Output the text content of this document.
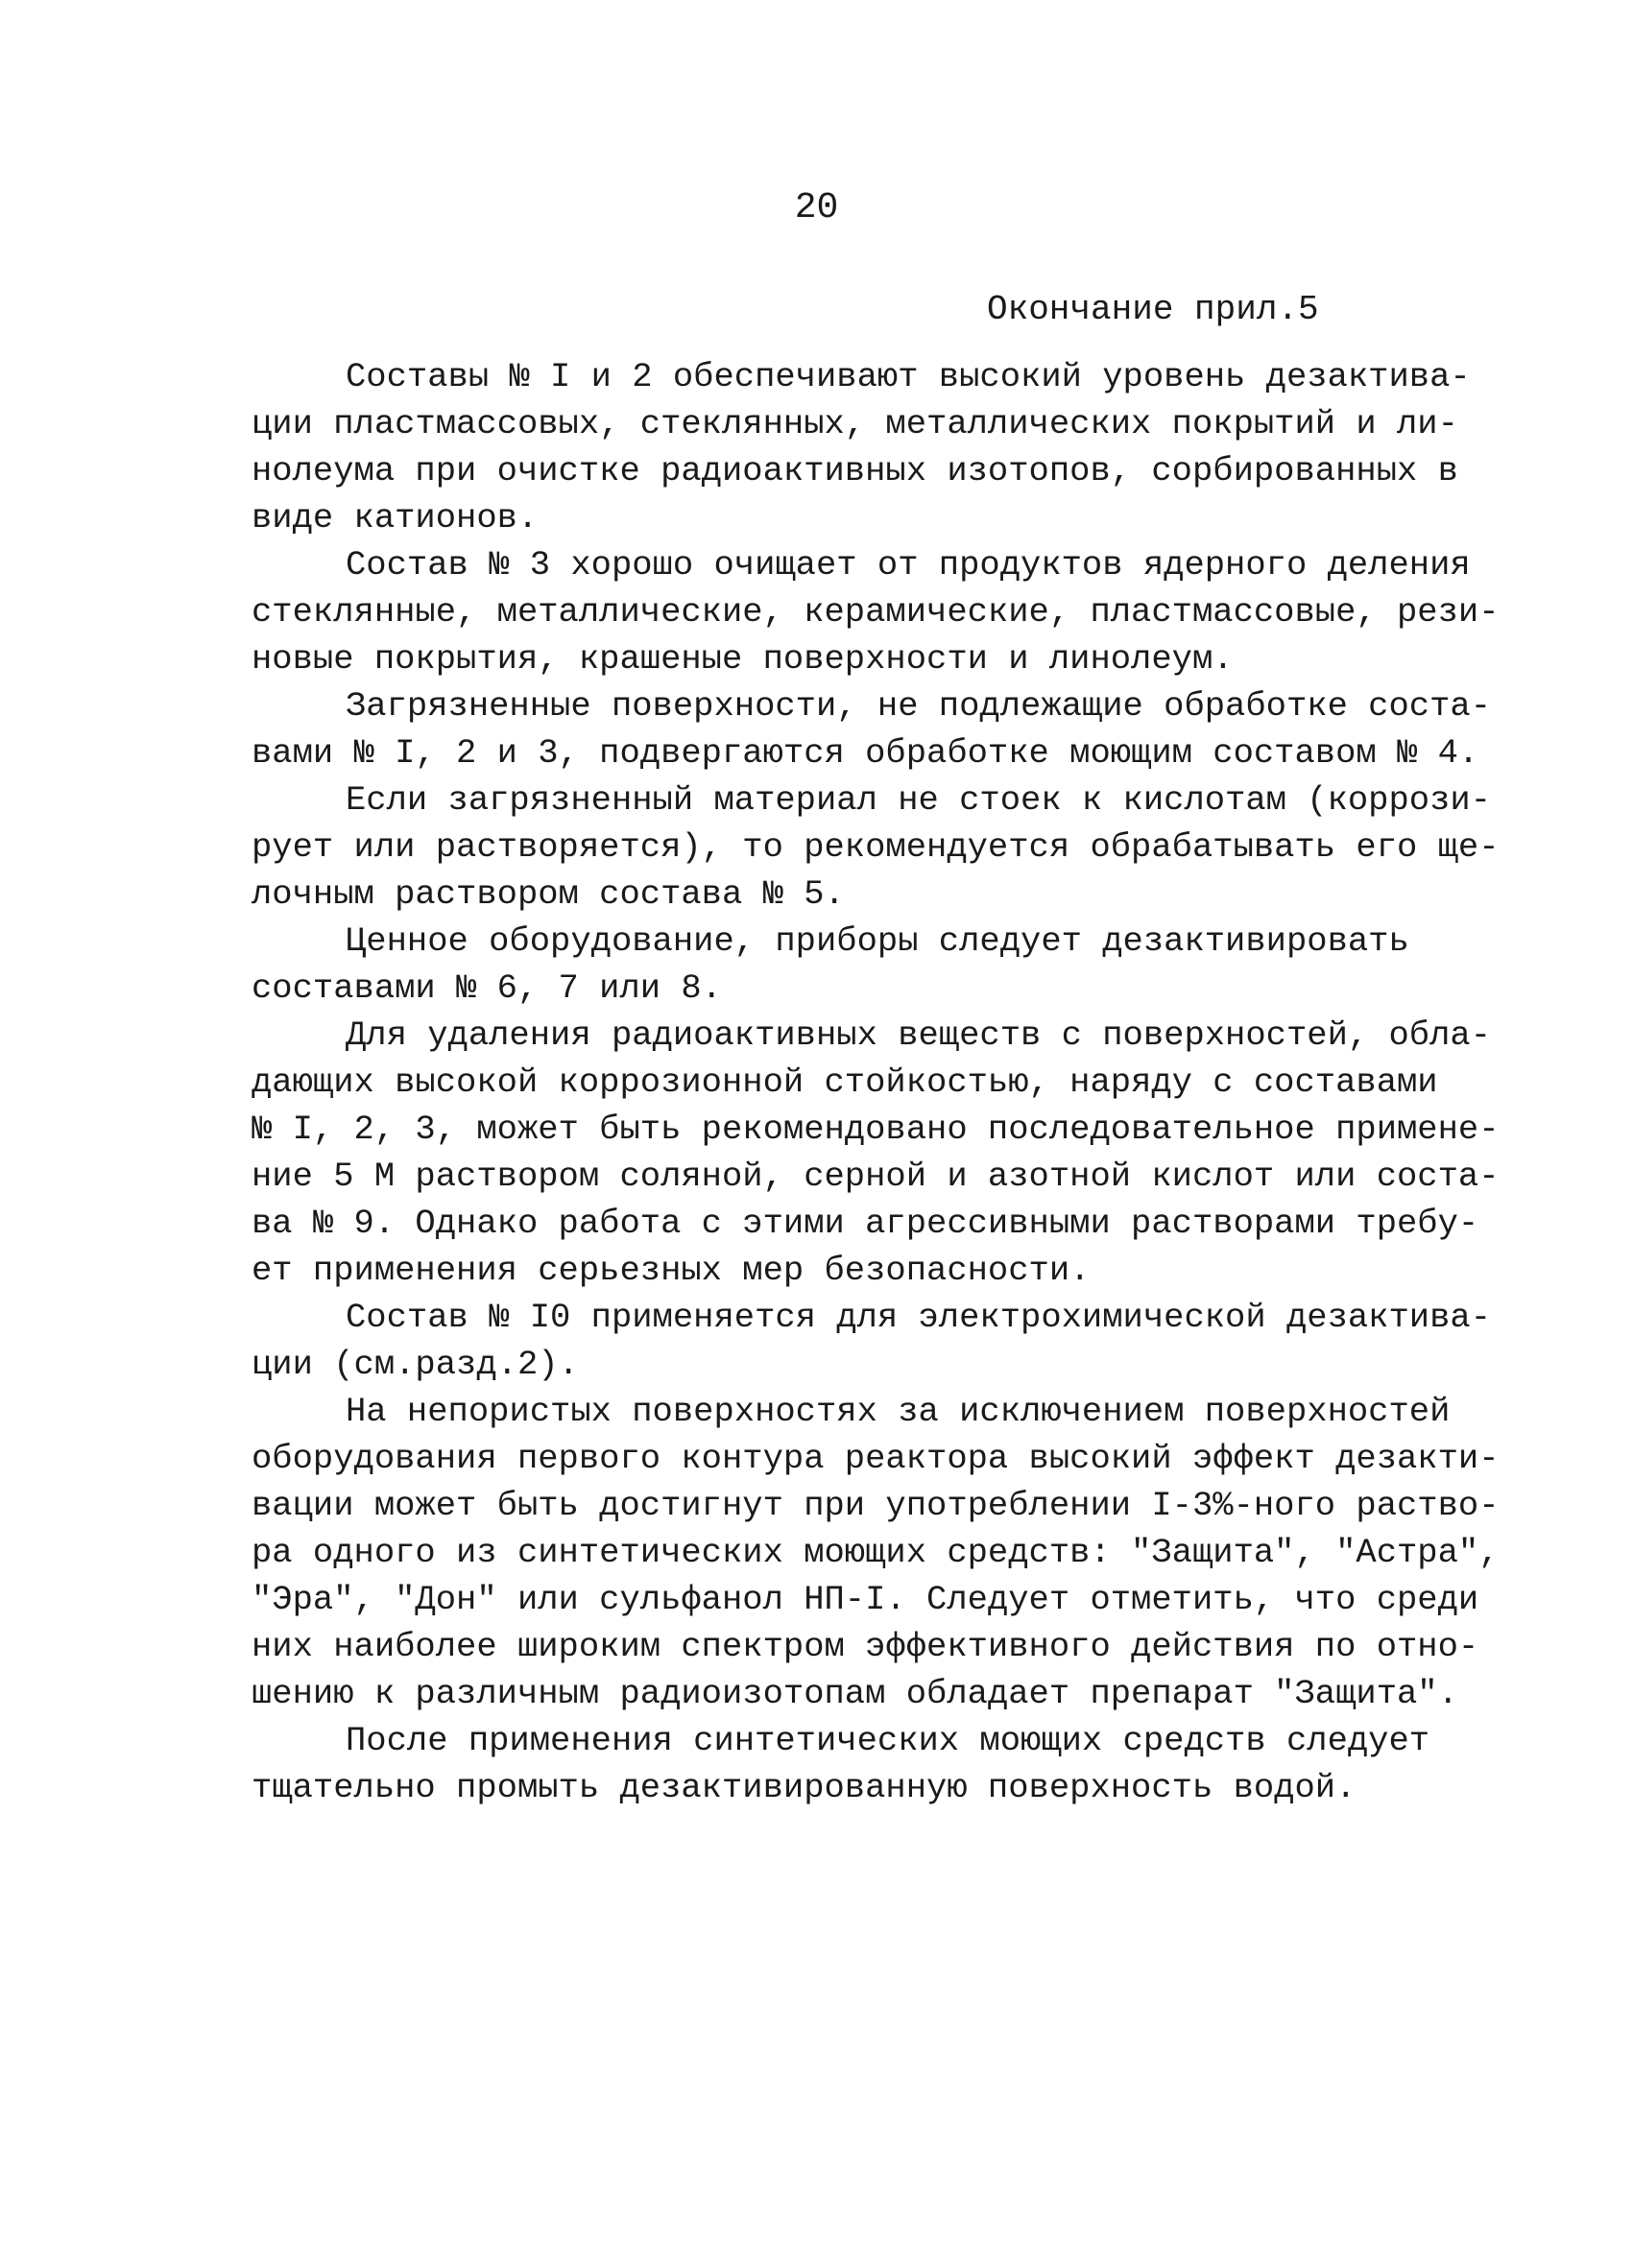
20
Окончание прил.5
Составы № I и 2 обеспечивают высокий уровень дезактива-
ции пластмассовых, стеклянных, металлических покрытий и ли-
нолеума при очистке радиоактивных изотопов, сорбированных в
виде катионов.
Состав № 3 хорошо очищает от продуктов ядерного деления
стеклянные, металлические, керамические, пластмассовые, рези-
новые покрытия, крашеные поверхности и линолеум.
Загрязненные поверхности, не подлежащие обработке соста-
вами № I, 2 и 3, подвергаются обработке моющим составом № 4.
Если загрязненный материал не стоек к кислотам (коррози-
рует или растворяется), то рекомендуется обрабатывать его ще-
лочным раствором состава № 5.
Ценное оборудование, приборы следует дезактивировать
составами № 6, 7 или 8.
Для удаления радиоактивных веществ с поверхностей, обла-
дающих высокой коррозионной стойкостью, наряду с составами
№ I, 2, 3, может быть рекомендовано последовательное примене-
ние 5 М раствором соляной, серной и азотной кислот или соста-
ва № 9. Однако работа с этими агрессивными растворами требу-
ет применения серьезных мер безопасности.
Состав № I0 применяется для электрохимической дезактива-
ции (см.разд.2).
На непористых поверхностях за исключением поверхностей
оборудования первого контура реактора высокий эффект дезакти-
вации может быть достигнут при употреблении I-3%-ного раство-
ра одного из синтетических моющих средств: "Защита", "Астра",
"Эра", "Дон" или сульфанол НП-I. Следует отметить, что среди
них наиболее широким спектром эффективного действия по отно-
шению к различным радиоизотопам обладает препарат "Защита".
После применения синтетических моющих средств следует
тщательно промыть дезактивированную поверхность водой.
